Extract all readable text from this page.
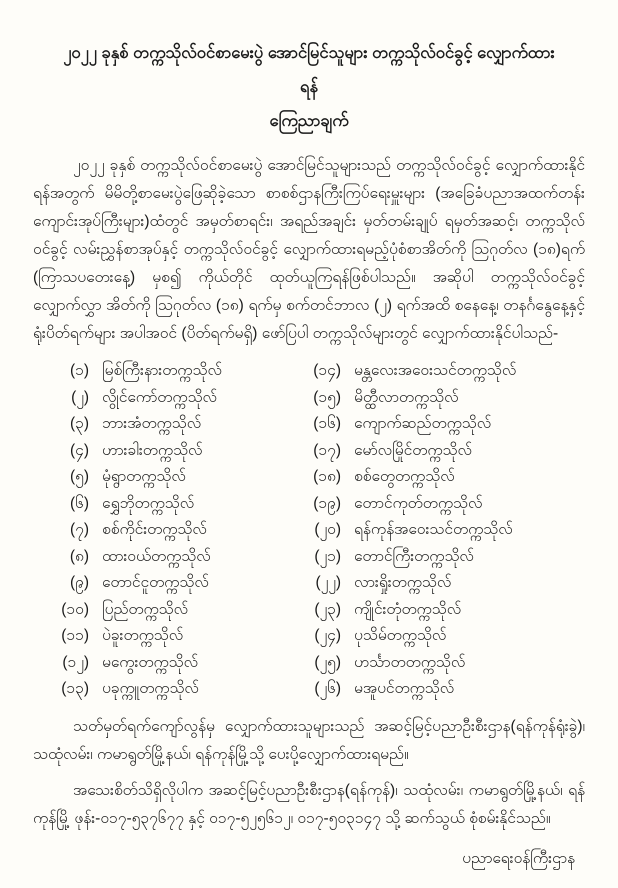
၂၀၂၂ ခုနှစ် တက္ကသိုလ်ဝင်စာမေးပွဲ အောင်မြင်သူများ တက္ကသိုလ်ဝင်ခွင့် လျှောက်ထားရန်
ကြေညာချက်

၂၀၂၂ ခုနှစ် တက္ကသိုလ်ဝင်စာမေးပွဲ အောင်မြင်သူများသည် တက္ကသိုလ်ဝင်ခွင့် လျှောက်ထားနိုင်ရန်အတွက် မိမိတို့စာမေးပွဲဖြေဆိုခဲ့သော စာစစ်ဌာနကြီးကြပ်ရေးမှူးများ (အခြေခံပညာအထက်တန်း ကျောင်းအုပ်ကြီးများ)ထံတွင် အမှတ်စာရင်း၊ အရည်အချင်း မှတ်တမ်းချုပ် ရမှတ်အဆင့်၊ တက္ကသိုလ်ဝင်ခွင့် လမ်းညွှန်စာအုပ်နှင့် တက္ကသိုလ်ဝင်ခွင့် လျှောက်ထားရမည့်ပုံစံစာအိတ်ကို သြဂုတ်လ (၁၈)ရက် (ကြာသပတေးနေ့) မှစ၍ ကိုယ်တိုင် ထုတ်ယူကြရန်ဖြစ်ပါသည်။ အဆိုပါ တက္ကသိုလ်ဝင်ခွင့်လျှောက်လွှာ အိတ်ကို သြဂုတ်လ (၁၈) ရက်မှ စက်တင်ဘာလ (၂) ရက်အထိ စနေနေ့၊ တနင်္ဂနွေနေ့နှင့် ရုံးပိတ်ရက်များ အပါအဝင် (ပိတ်ရက်မရှိ) ဖော်ပြပါ တက္ကသိုလ်များတွင် လျှောက်ထားနိုင်ပါသည်-

(၁) မြစ်ကြီးနားတက္ကသိုလ်
(၂) လွိုင်ကော်တက္ကသိုလ်
(၃) ဘားအံတက္ကသိုလ်
(၄) ဟားခါးတက္ကသိုလ်
(၅) မုံရွာတက္ကသိုလ်
(၆) ရွှေဘိုတက္ကသိုလ်
(၇) စစ်ကိုင်းတက္ကသိုလ်
(၈) ထားဝယ်တက္ကသိုလ်
(၉) တောင်ငူတက္ကသိုလ်
(၁၀) ပြည်တက္ကသိုလ်
(၁၁) ပဲခူးတက္ကသိုလ်
(၁၂) မကွေးတက္ကသိုလ်
(၁၃) ပခုက္ကူတက္ကသိုလ်
(၁၄) မန္တလေးအဝေးသင်တက္ကသိုလ်
(၁၅) မိတ္ထီလာတက္ကသိုလ်
(၁၆) ကျောက်ဆည်တက္ကသိုလ်
(၁၇) မော်လမြိုင်တက္ကသိုလ်
(၁၈) စစ်တွေတက္ကသိုလ်
(၁၉) တောင်ကုတ်တက္ကသိုလ်
(၂၀) ရန်ကုန်အဝေးသင်တက္ကသိုလ်
(၂၁) တောင်ကြီးတက္ကသိုလ်
(၂၂) လားရှိုးတက္ကသိုလ်
(၂၃) ကျိုင်းတုံတက္ကသိုလ်
(၂၄) ပုသိမ်တက္ကသိုလ်
(၂၅) ဟင်္သာတတက္ကသိုလ်
(၂၆) မအူပင်တက္ကသိုလ်

သတ်မှတ်ရက်ကျော်လွန်မှ လျှောက်ထားသူများသည် အဆင့်မြင့်ပညာဦးစီးဌာန(ရန်ကုန်ရုံးခွဲ)၊ သထုံလမ်း၊ ကမာရွတ်မြို့နယ်၊ ရန်ကုန်မြို့သို့ ပေးပို့လျှောက်ထားရမည်။

အသေးစိတ်သိရှိလိုပါက အဆင့်မြင့်ပညာဦးစီးဌာန(ရန်ကုန်)၊ သထုံလမ်း၊ ကမာရွတ်မြို့နယ်၊ ရန်ကုန်မြို့ ဖုန်း-၀၁၇-၅၃၇၆၇၇ နှင့် ၀၁၇-၅၂၅၆၁၂၊ ၀၁၇-၅၀၃၁၄၇ သို့ ဆက်သွယ် စုံစမ်းနိုင်သည်။

ပညာရေးဝန်ကြီးဌာန
